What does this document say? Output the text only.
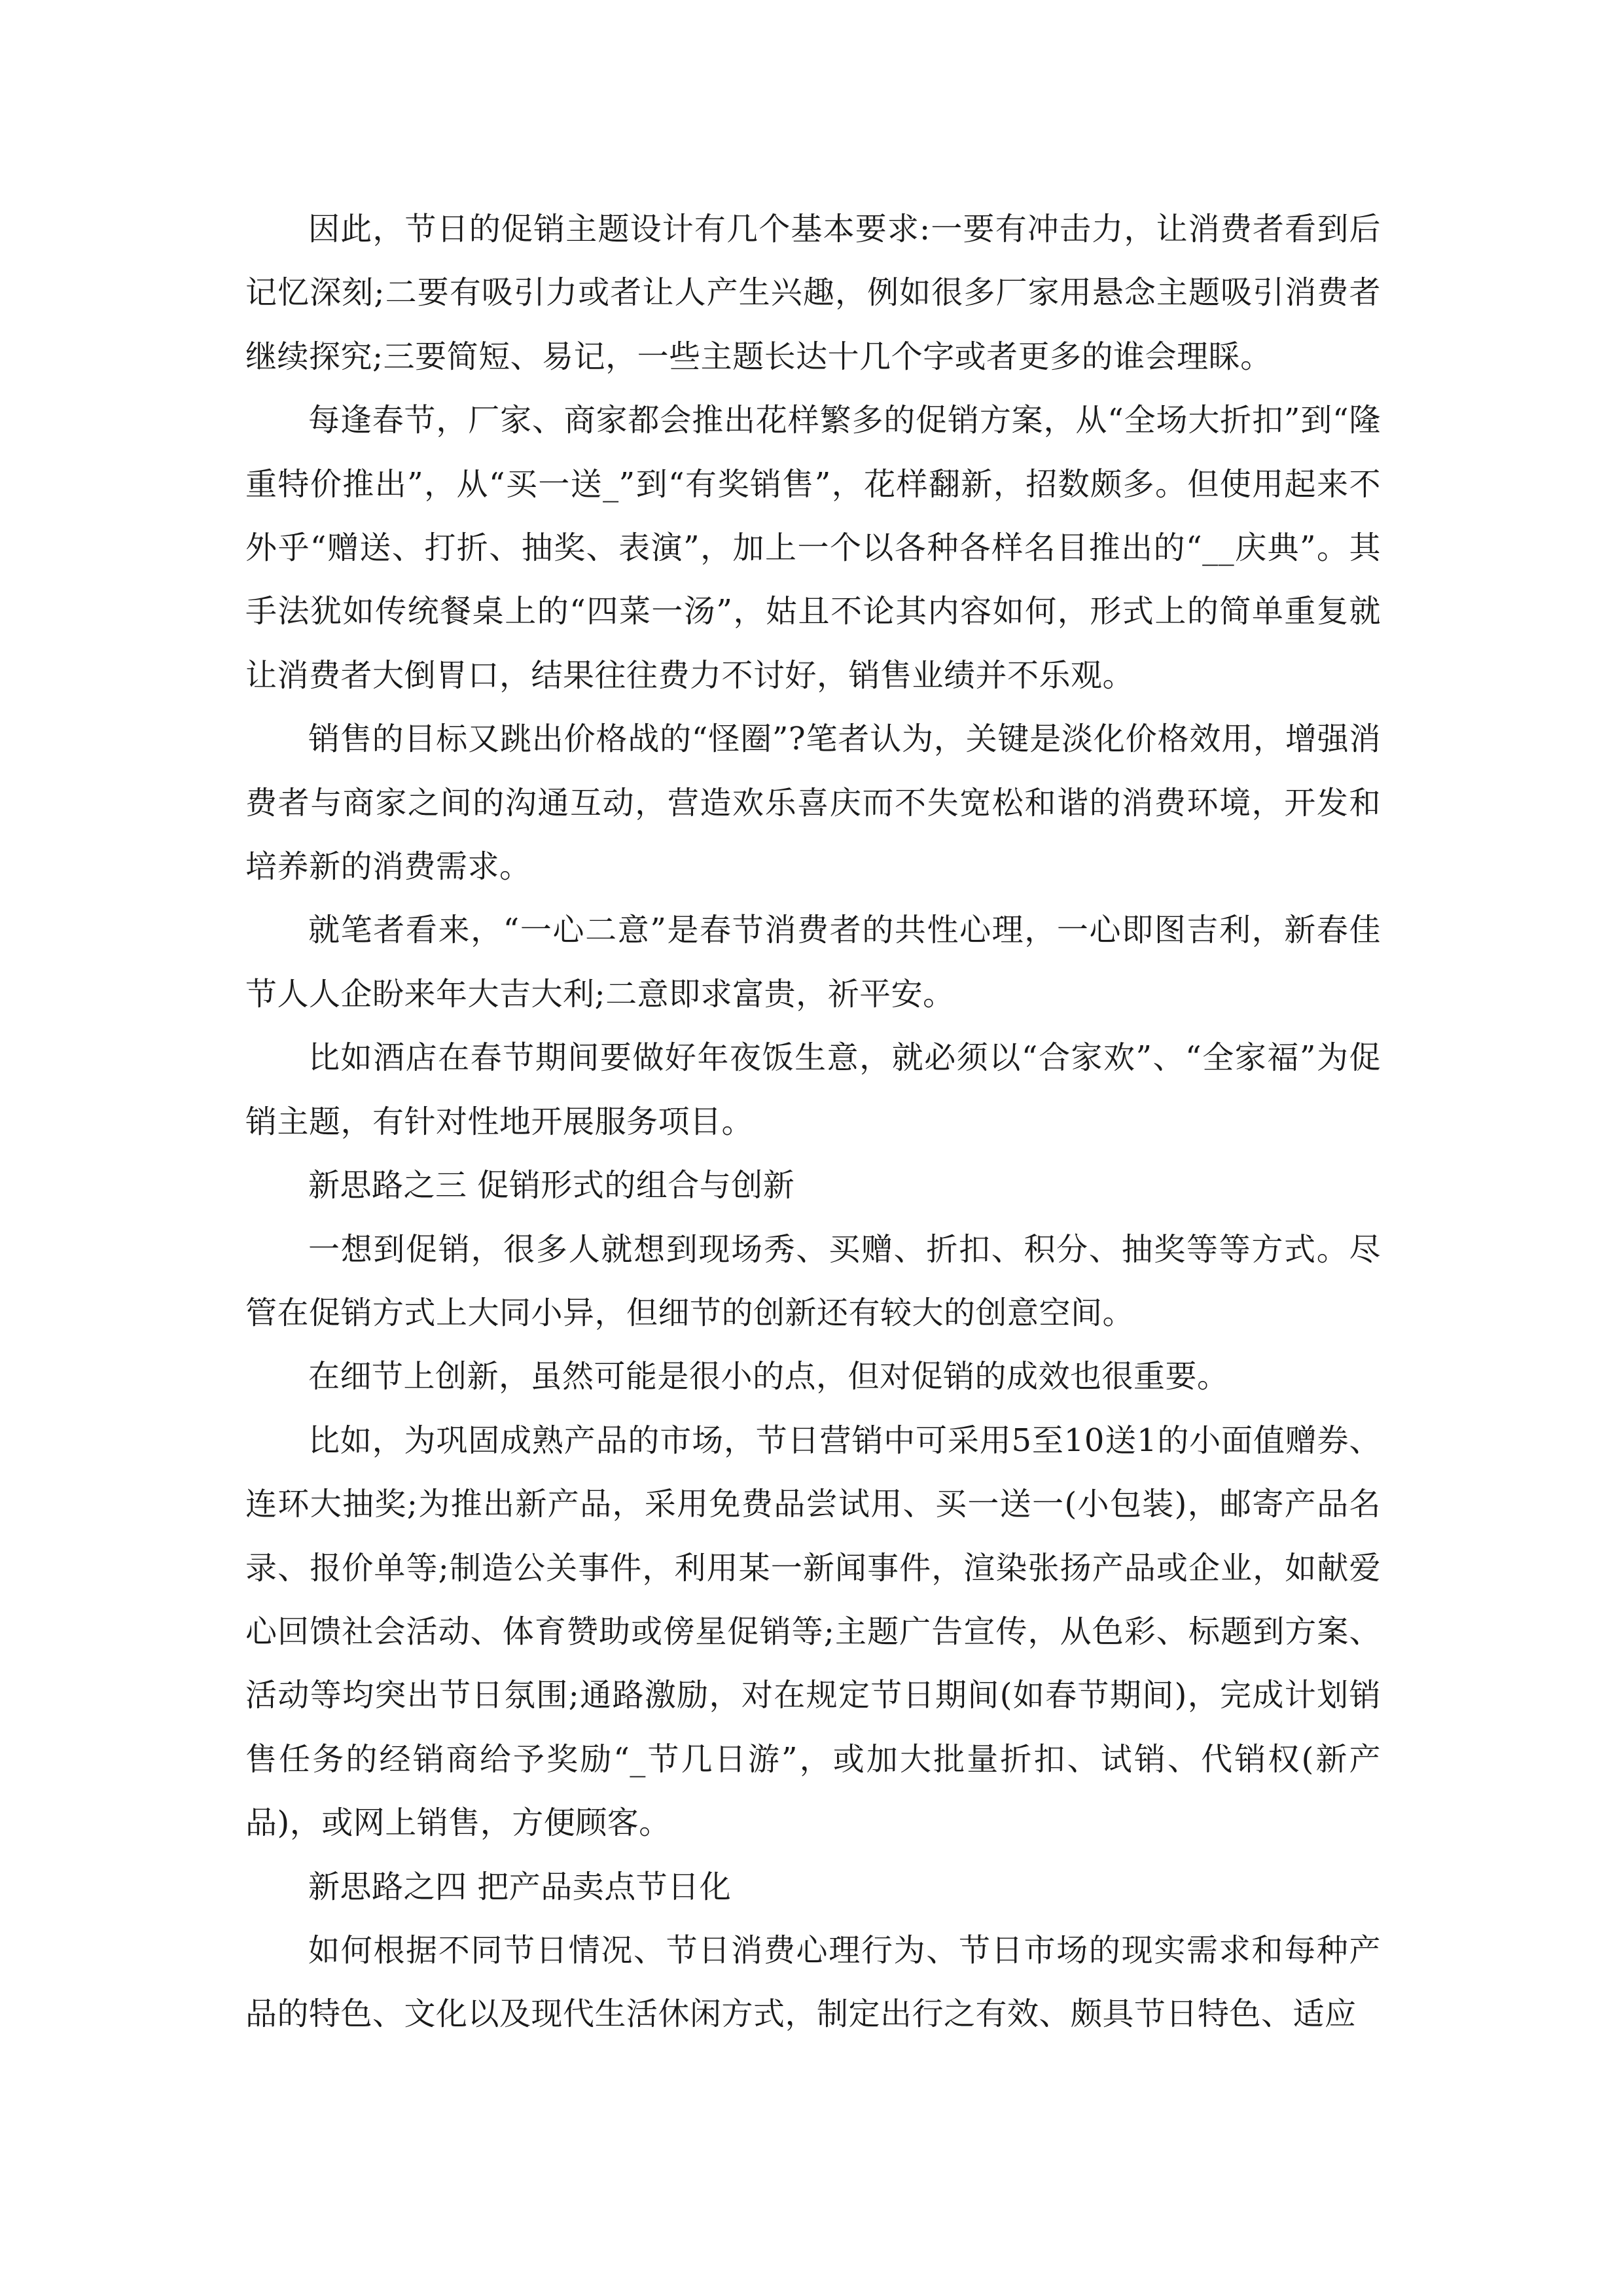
因此，节日的促销主题设计有几个基本要求:一要有冲击力，让消费者看到后记忆深刻;二要有吸引力或者让人产生兴趣，例如很多厂家用悬念主题吸引消费者继续探究;三要简短、易记，一些主题长达十几个字或者更多的谁会理睬。

每逢春节，厂家、商家都会推出花样繁多的促销方案，从“全场大折扣”到“隆重特价推出”，从“买一送_”到“有奖销售”，花样翻新，招数颇多。但使用起来不外乎“赠送、打折、抽奖、表演”，加上一个以各种各样名目推出的“__庆典”。其手法犹如传统餐桌上的“四菜一汤”，姑且不论其内容如何，形式上的简单重复就让消费者大倒胃口，结果往往费力不讨好，销售业绩并不乐观。

销售的目标又跳出价格战的“怪圈”?笔者认为，关键是淡化价格效用，增强消费者与商家之间的沟通互动，营造欢乐喜庆而不失宽松和谐的消费环境，开发和培养新的消费需求。

就笔者看来，“一心二意”是春节消费者的共性心理，一心即图吉利，新春佳节人人企盼来年大吉大利;二意即求富贵，祈平安。

比如酒店在春节期间要做好年夜饭生意，就必须以“合家欢”、“全家福”为促销主题，有针对性地开展服务项目。

新思路之三 促销形式的组合与创新

一想到促销，很多人就想到现场秀、买赠、折扣、积分、抽奖等等方式。尽管在促销方式上大同小异，但细节的创新还有较大的创意空间。

在细节上创新，虽然可能是很小的点，但对促销的成效也很重要。

比如，为巩固成熟产品的市场，节日营销中可采用5至10送1的小面值赠券、连环大抽奖;为推出新产品，采用免费品尝试用、买一送一(小包装)，邮寄产品名录、报价单等;制造公关事件，利用某一新闻事件，渲染张扬产品或企业，如献爱心回馈社会活动、体育赞助或傍星促销等;主题广告宣传，从色彩、标题到方案、活动等均突出节日氛围;通路激励，对在规定节日期间(如春节期间)，完成计划销售任务的经销商给予奖励“_节几日游”，或加大批量折扣、试销、代销权(新产品)，或网上销售，方便顾客。

新思路之四 把产品卖点节日化

如何根据不同节日情况、节日消费心理行为、节日市场的现实需求和每种产品的特色、文化以及现代生活休闲方式，制定出行之有效、颇具节日特色、适应
